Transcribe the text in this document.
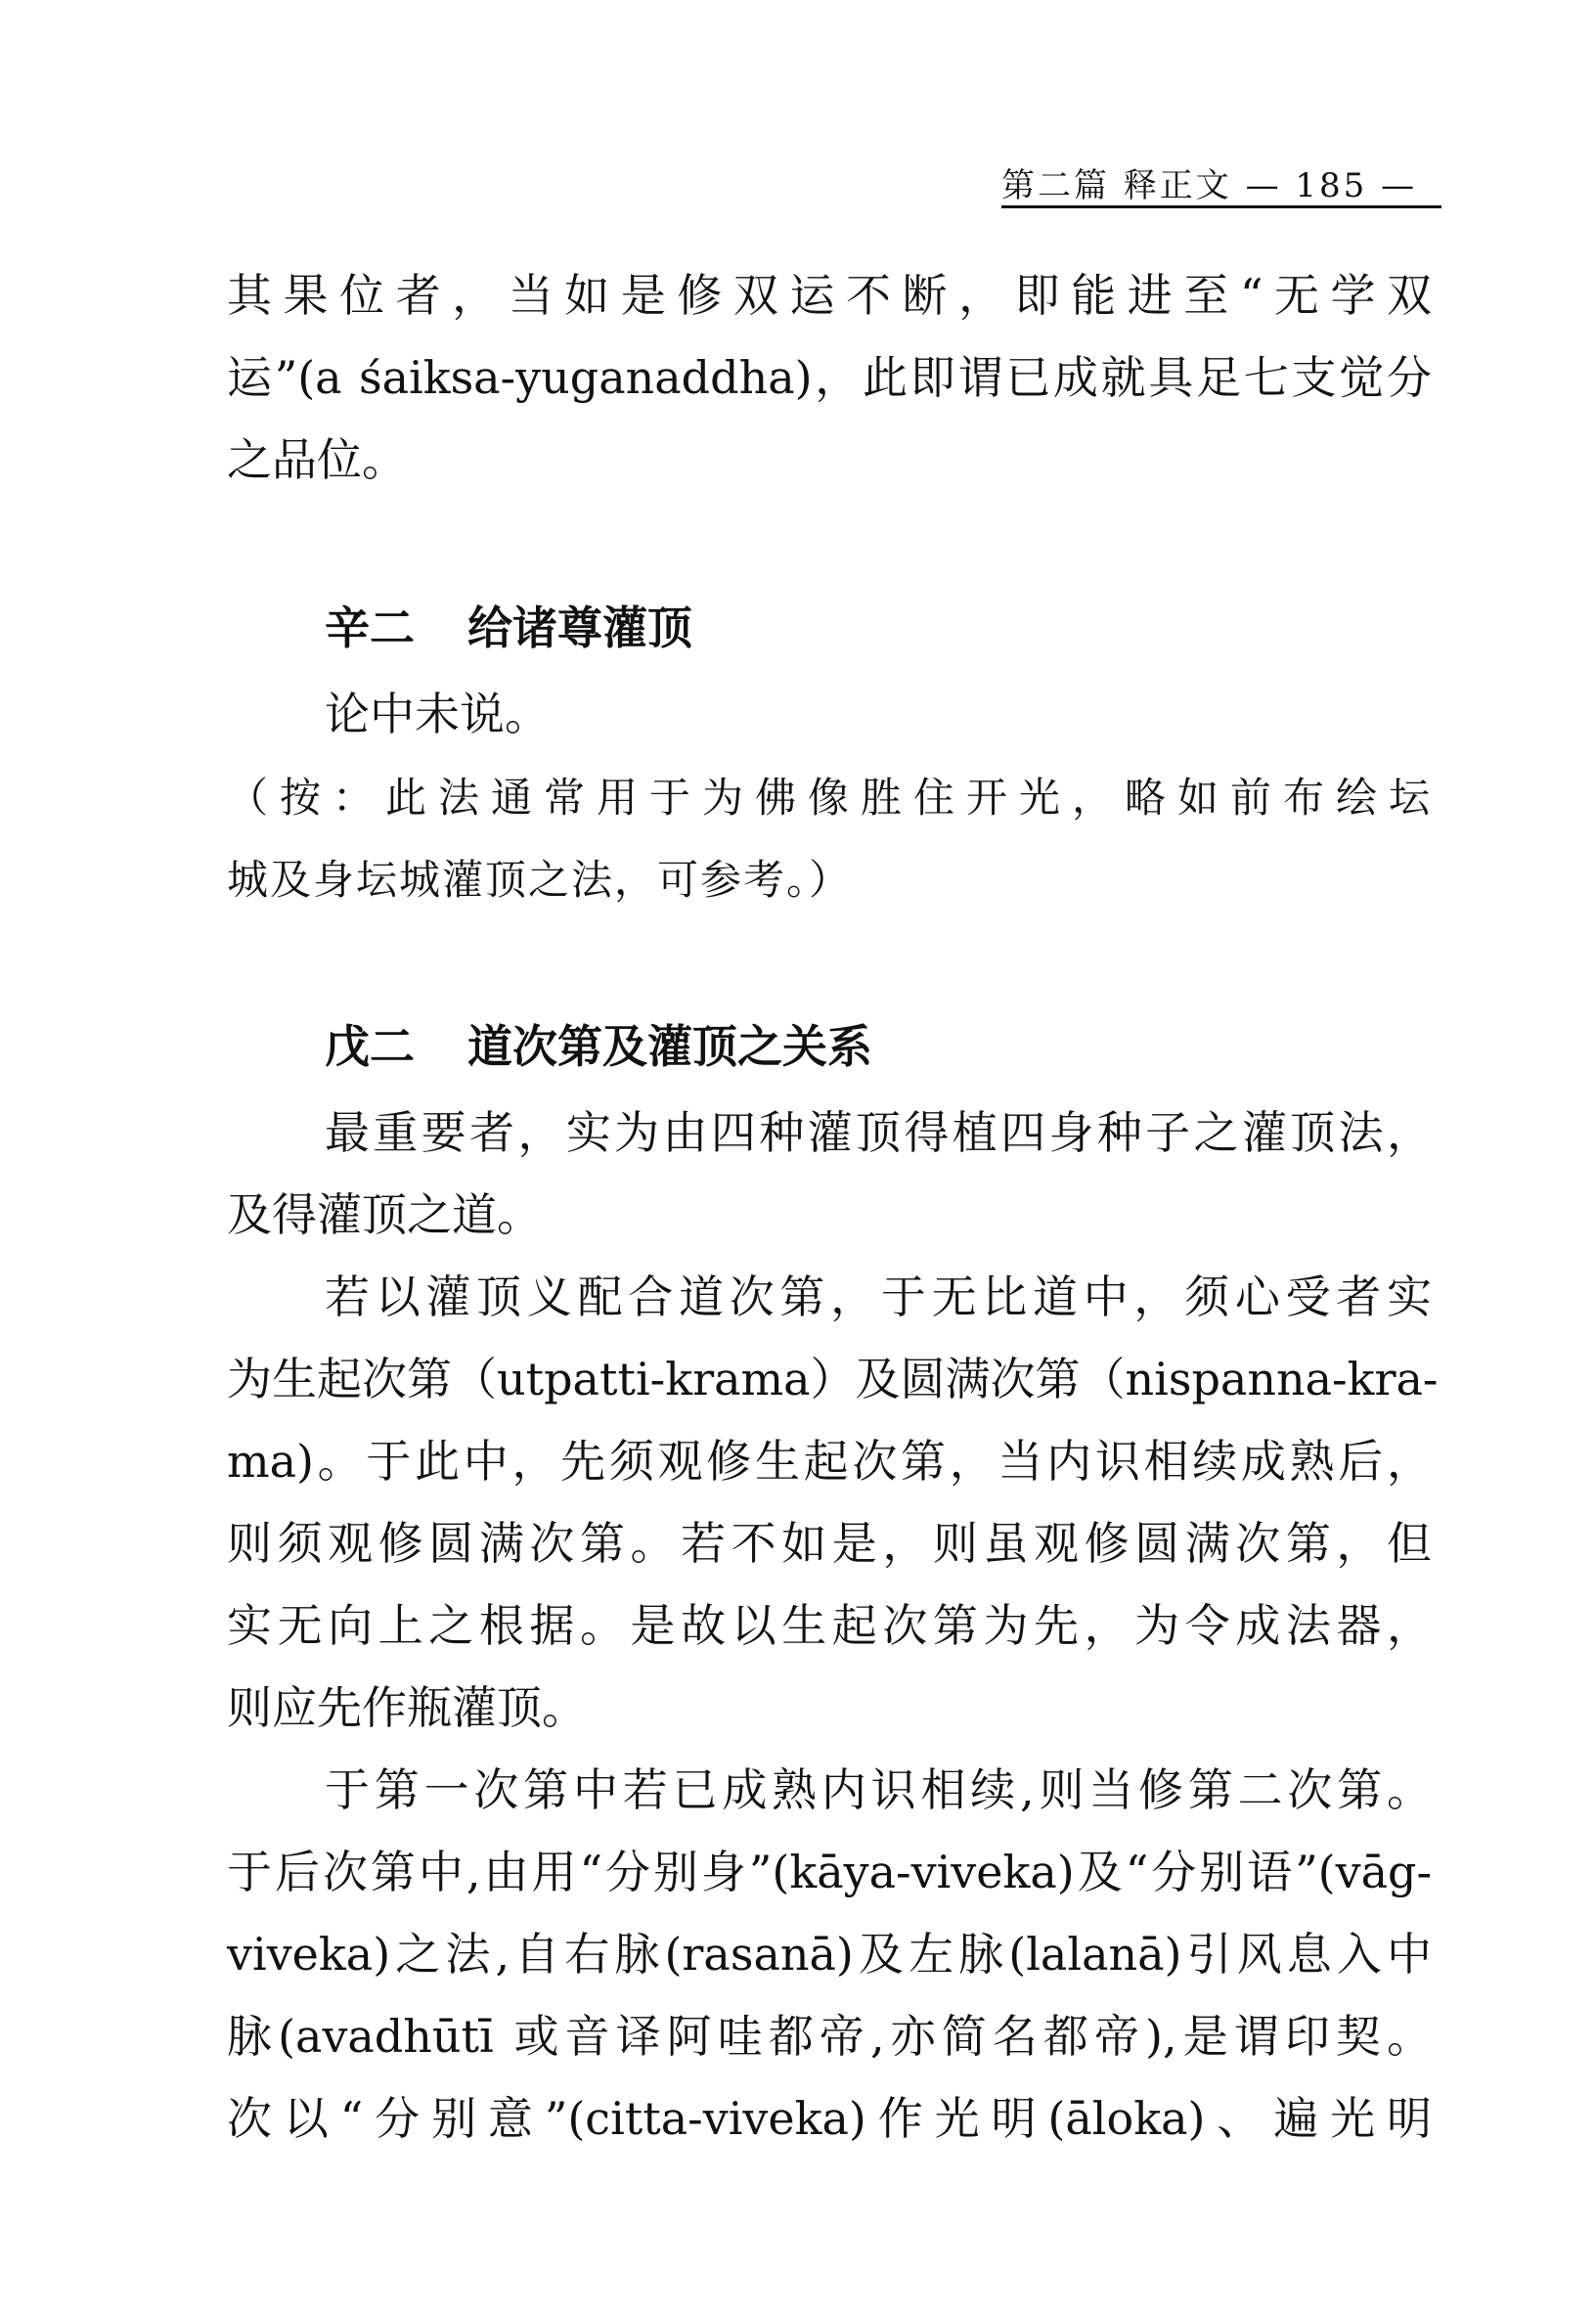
第二篇 释正文 — 185 —
其果位者，当如是修双运不断，即能进至“无学双
运”(a śaiksa-yuganaddha)，此即谓已成就具足七支觉分
之品位。
辛二 给诸尊灌顶
论中未说。
（按：此法通常用于为佛像胜住开光，略如前布绘坛
城及身坛城灌顶之法，可参考。）
戊二 道次第及灌顶之关系
最重要者，实为由四种灌顶得植四身种子之灌顶法，
及得灌顶之道。
若以灌顶义配合道次第，于无比道中，须心受者实
为生起次第（utpatti-krama）及圆满次第（nispanna-kra-
ma)。于此中，先须观修生起次第，当内识相续成熟后，
则须观修圆满次第。若不如是，则虽观修圆满次第，但
实无向上之根据。是故以生起次第为先，为令成法器，
则应先作瓶灌顶。
于第一次第中若已成熟内识相续,则当修第二次第。
于后次第中,由用“分别身”(kāya-viveka)及“分别语”(vāg-
viveka)之法,自右脉(rasanā)及左脉(lalanā)引风息入中
脉(avadhūtī 或音译阿哇都帝,亦简名都帝),是谓印契。
次以“分别意”(citta-viveka)作光明(āloka)、遍光明
